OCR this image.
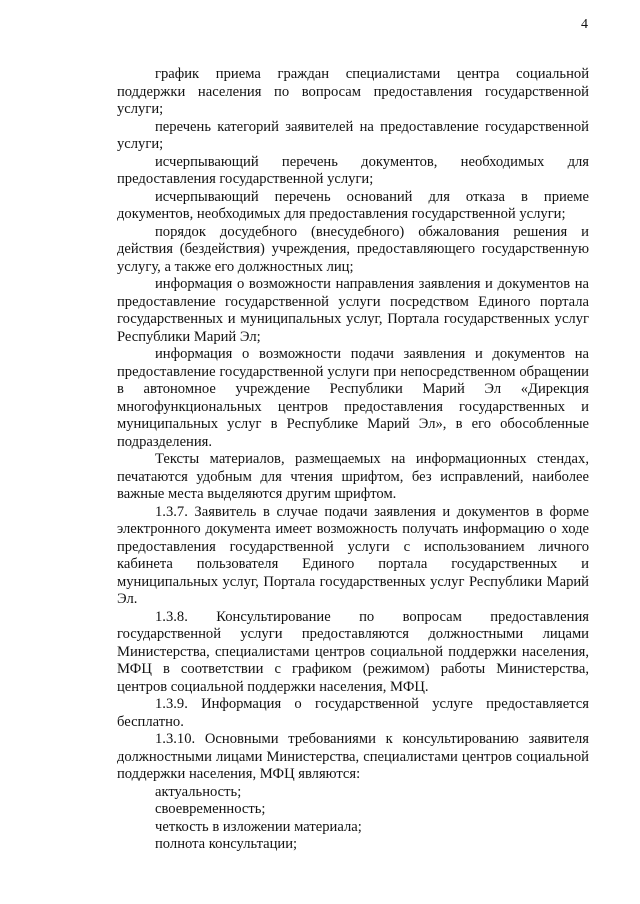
4

график приема граждан специалистами центра социальной поддержки населения по вопросам предоставления государственной услуги;

перечень категорий заявителей на предоставление государственной услуги;

исчерпывающий перечень документов, необходимых для предоставления государственной услуги;

исчерпывающий перечень оснований для отказа в приеме документов, необходимых для предоставления государственной услуги;

порядок досудебного (внесудебного) обжалования решения и действия (бездействия) учреждения, предоставляющего государственную услугу, а также его должностных лиц;

информация о возможности направления заявления и документов на предоставление государственной услуги посредством Единого портала государственных и муниципальных услуг, Портала государственных услуг Республики Марий Эл;

информация о возможности подачи заявления и документов на предоставление государственной услуги при непосредственном обращении в автономное учреждение Республики Марий Эл «Дирекция многофункциональных центров предоставления государственных и муниципальных услуг в Республике Марий Эл», в его обособленные подразделения.

Тексты материалов, размещаемых на информационных стендах, печатаются удобным для чтения шрифтом, без исправлений, наиболее важные места выделяются другим шрифтом.

1.3.7. Заявитель в случае подачи заявления и документов в форме электронного документа имеет возможность получать информацию о ходе предоставления государственной услуги с использованием личного кабинета пользователя Единого портала государственных и муниципальных услуг, Портала государственных услуг Республики Марий Эл.

1.3.8. Консультирование по вопросам предоставления государственной услуги предоставляются должностными лицами Министерства, специалистами центров социальной поддержки населения, МФЦ в соответствии с графиком (режимом) работы Министерства, центров социальной поддержки населения, МФЦ.

1.3.9. Информация о государственной услуге предоставляется бесплатно.

1.3.10. Основными требованиями к консультированию заявителя должностными лицами Министерства, специалистами центров социальной поддержки населения, МФЦ являются:

актуальность;

своевременность;

четкость в изложении материала;

полнота консультации;
